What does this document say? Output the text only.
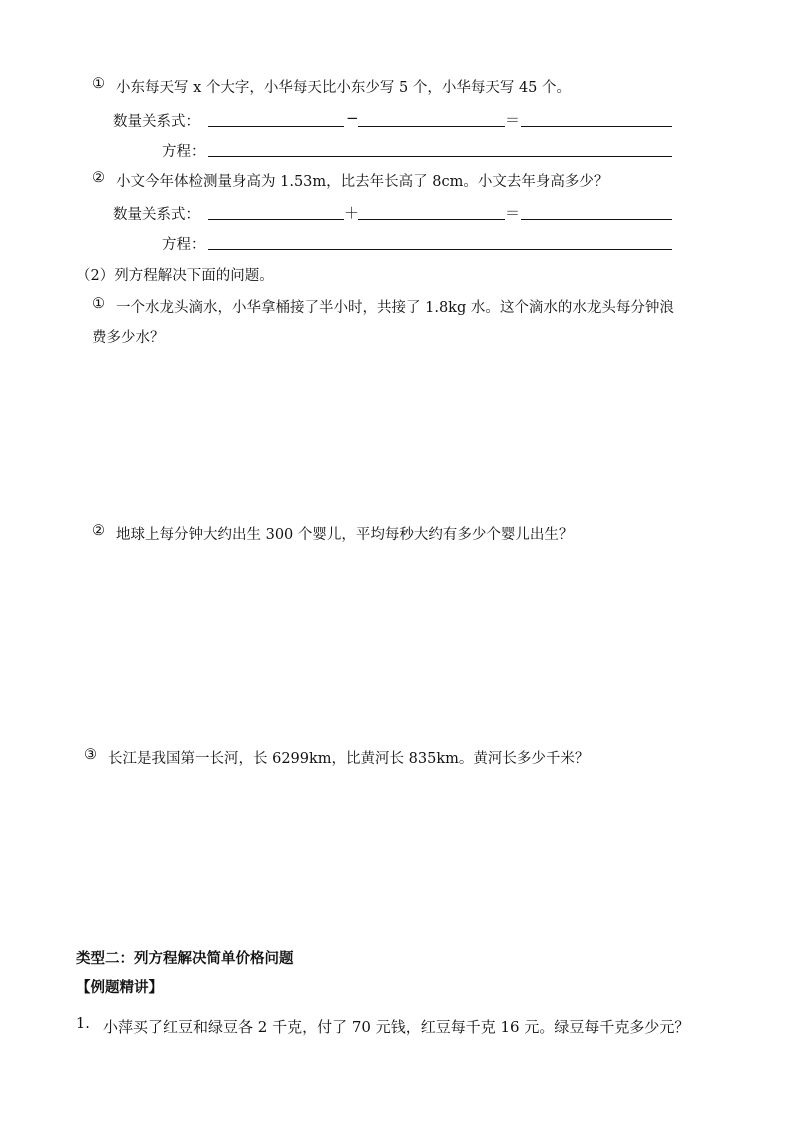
① 小东每天写 x 个大字，小华每天比小东少写 5 个，小华每天写 45 个。
数量关系式：	−	＝
方程：
② 小文今年体检测量身高为 1.53m，比去年长高了 8cm。小文去年身高多少？
数量关系式：	＋	＝
方程：
（2）列方程解决下面的问题。
① 一个水龙头滴水，小华拿桶接了半小时，共接了 1.8kg 水。这个滴水的水龙头每分钟浪
费多少水？
② 地球上每分钟大约出生 300 个婴儿，平均每秒大约有多少个婴儿出生？
③ 长江是我国第一长河，长 6299km，比黄河长 835km。黄河长多少千米？
类型二：列方程解决简单价格问题
【例题精讲】
1. 小萍买了红豆和绿豆各 2 千克，付了 70 元钱，红豆每千克 16 元。绿豆每千克多少元？
